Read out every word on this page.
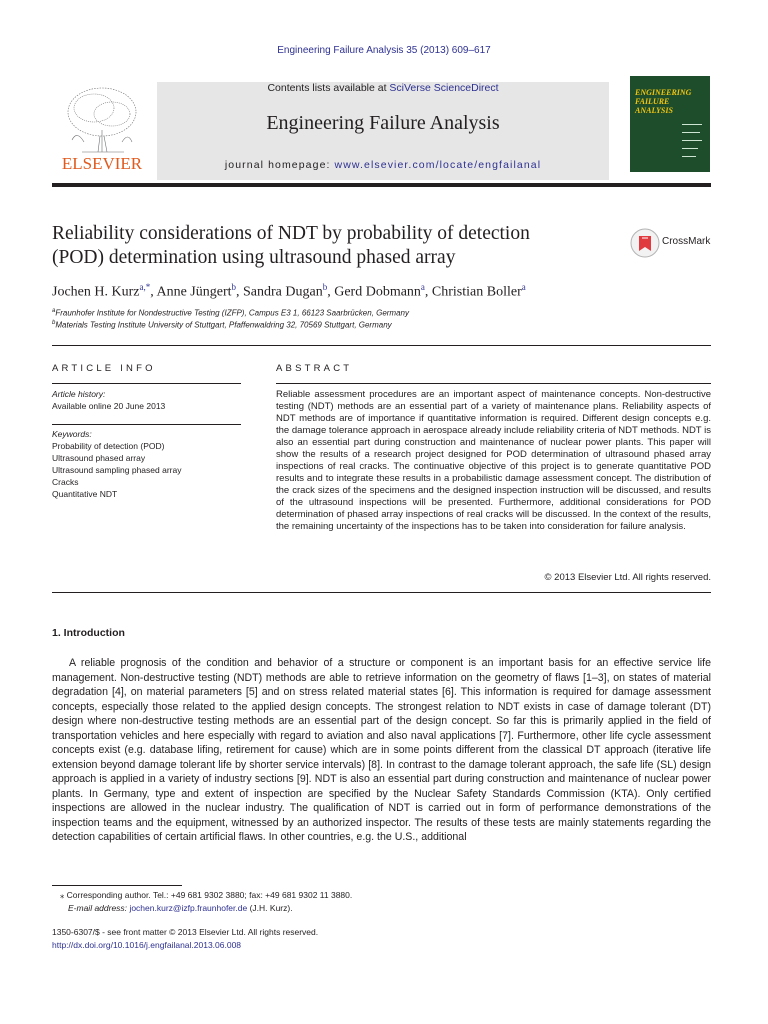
Engineering Failure Analysis 35 (2013) 609–617
Contents lists available at SciVerse ScienceDirect
Engineering Failure Analysis
journal homepage: www.elsevier.com/locate/engfailanal
ELSEVIER
ENGINEERING
FAILURE
ANALYSIS
Reliability considerations of NDT by probability of detection
(POD) determination using ultrasound phased array
CrossMark
Jochen H. Kurz$^{a,*}$, Anne Jüngert$^b$, Sandra Dugan$^b$, Gerd Dobmann$^a$, Christian Boller$^a$
$^a$Fraunhofer Institute for Nondestructive Testing (IZFP), Campus E3 1, 66123 Saarbrücken, Germany
$^b$Materials Testing Institute University of Stuttgart, Pfaffenwaldring 32, 70569 Stuttgart, Germany
ARTICLE INFO	ABSTRACT
Article history:
Available online 20 June 2013
Keywords:
Probability of detection (POD)
Ultrasound phased array
Ultrasound sampling phased array
Cracks
Quantitative NDT
Reliable assessment procedures are an important aspect of maintenance concepts. Non-destructive testing (NDT) methods are an essential part of a variety of maintenance plans. Reliability aspects of NDT methods are of importance if quantitative information is required. Different design concepts e.g. the damage tolerance approach in aerospace already include reliability criteria of NDT methods. NDT is also an essential part during construction and maintenance of nuclear power plants. This paper will show the results of a research project designed for POD determination of ultrasound phased array inspections of real cracks. The continuative objective of this project is to generate quantitative POD results and to integrate these results in a probabilistic damage assessment concept. The distribution of the crack sizes of the specimens and the designed inspection instruction will be discussed, and results of the ultrasound inspections will be presented. Furthermore, additional considerations for POD determination of phased array inspections of real cracks will be discussed. In the context of the results, the remaining uncertainty of the inspections has to be taken into consideration for failure analysis.
© 2013 Elsevier Ltd. All rights reserved.
1. Introduction
A reliable prognosis of the condition and behavior of a structure or component is an important basis for an effective service life management. Non-destructive testing (NDT) methods are able to retrieve information on the geometry of flaws [1–3], on states of material degradation [4], on material parameters [5] and on stress related material states [6]. This information is required for damage assessment concepts, especially those related to the applied design concepts. The strongest relation to NDT exists in case of damage tolerant (DT) design where non-destructive testing methods are an essential part of the design concept. So far this is primarily applied in the field of transportation vehicles and here especially with regard to aviation and also naval applications [7]. Furthermore, other life cycle assessment concepts exist (e.g. database lifing, retirement for cause) which are in some points different from the classical DT approach (iterative life extension beyond damage tolerant life by shorter service intervals) [8]. In contrast to the damage tolerant approach, the safe life (SL) design approach is applied in a variety of industry sections [9]. NDT is also an essential part during construction and maintenance of nuclear power plants. In Germany, type and extent of inspection are specified by the Nuclear Safety Standards Commission (KTA). Only certified inspections are allowed in the nuclear industry. The qualification of NDT is carried out in form of performance demonstrations of the inspection teams and the equipment, witnessed by an authorized inspector. The results of these tests are mainly statements regarding the detection capabilities of certain artificial flaws. In other countries, e.g. the U.S., additional
⁎ Corresponding author. Tel.: +49 681 9302 3880; fax: +49 681 9302 11 3880.
E-mail address: jochen.kurz@izfp.fraunhofer.de (J.H. Kurz).
1350-6307/$ - see front matter © 2013 Elsevier Ltd. All rights reserved.
http://dx.doi.org/10.1016/j.engfailanal.2013.06.008
